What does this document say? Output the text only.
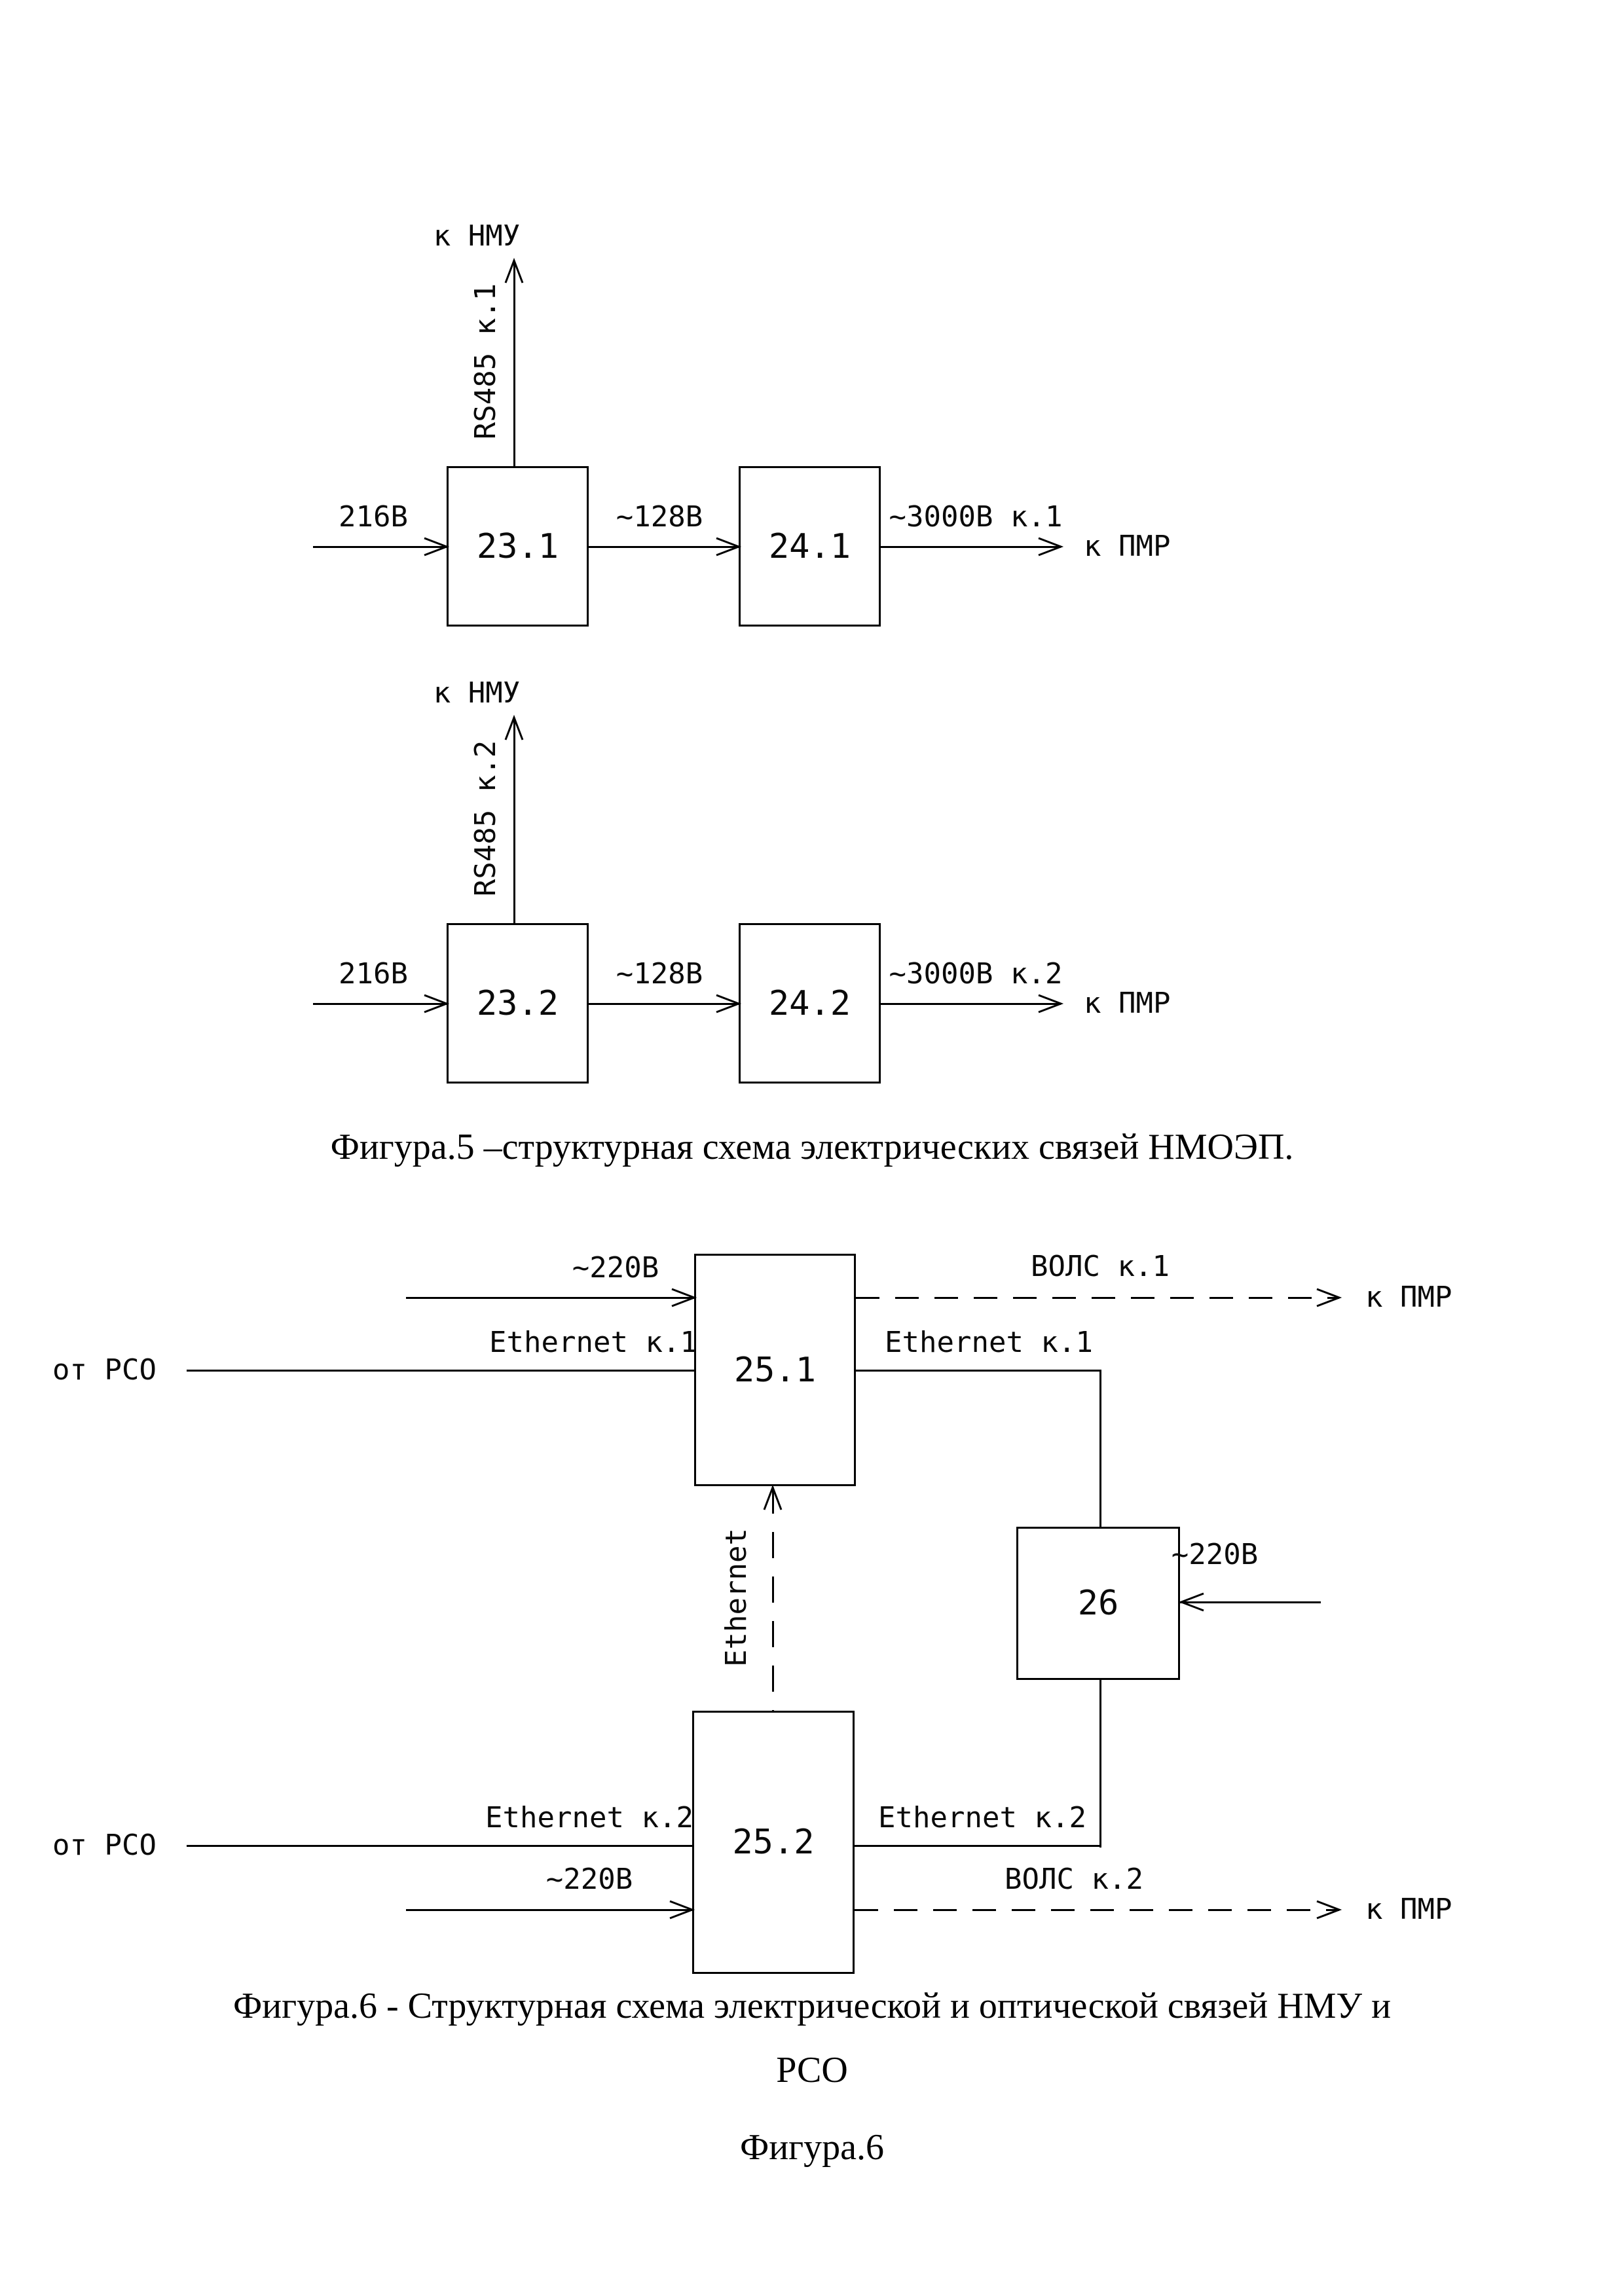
к НМУ
RS485 к.1
23.1	24.1
216В	~128В	~3000В к.1
к ПМР
к НМУ
RS485 к.2
23.2	24.2
216В	~128В	~3000В к.2
к ПМР
Фигура.5 –структурная схема электрических связей НМОЭП.
25.1
~220В	ВОЛС к.1
к ПМР
от РСО
Ethernet к.1	Ethernet к.1
26
~220В
Ethernet
25.2
от РСО
Ethernet к.2	Ethernet к.2
~220В	ВОЛС к.2
к ПМР
Фигура.6 - Структурная схема электрической и оптической связей НМУ и
РСО
Фигура.6
